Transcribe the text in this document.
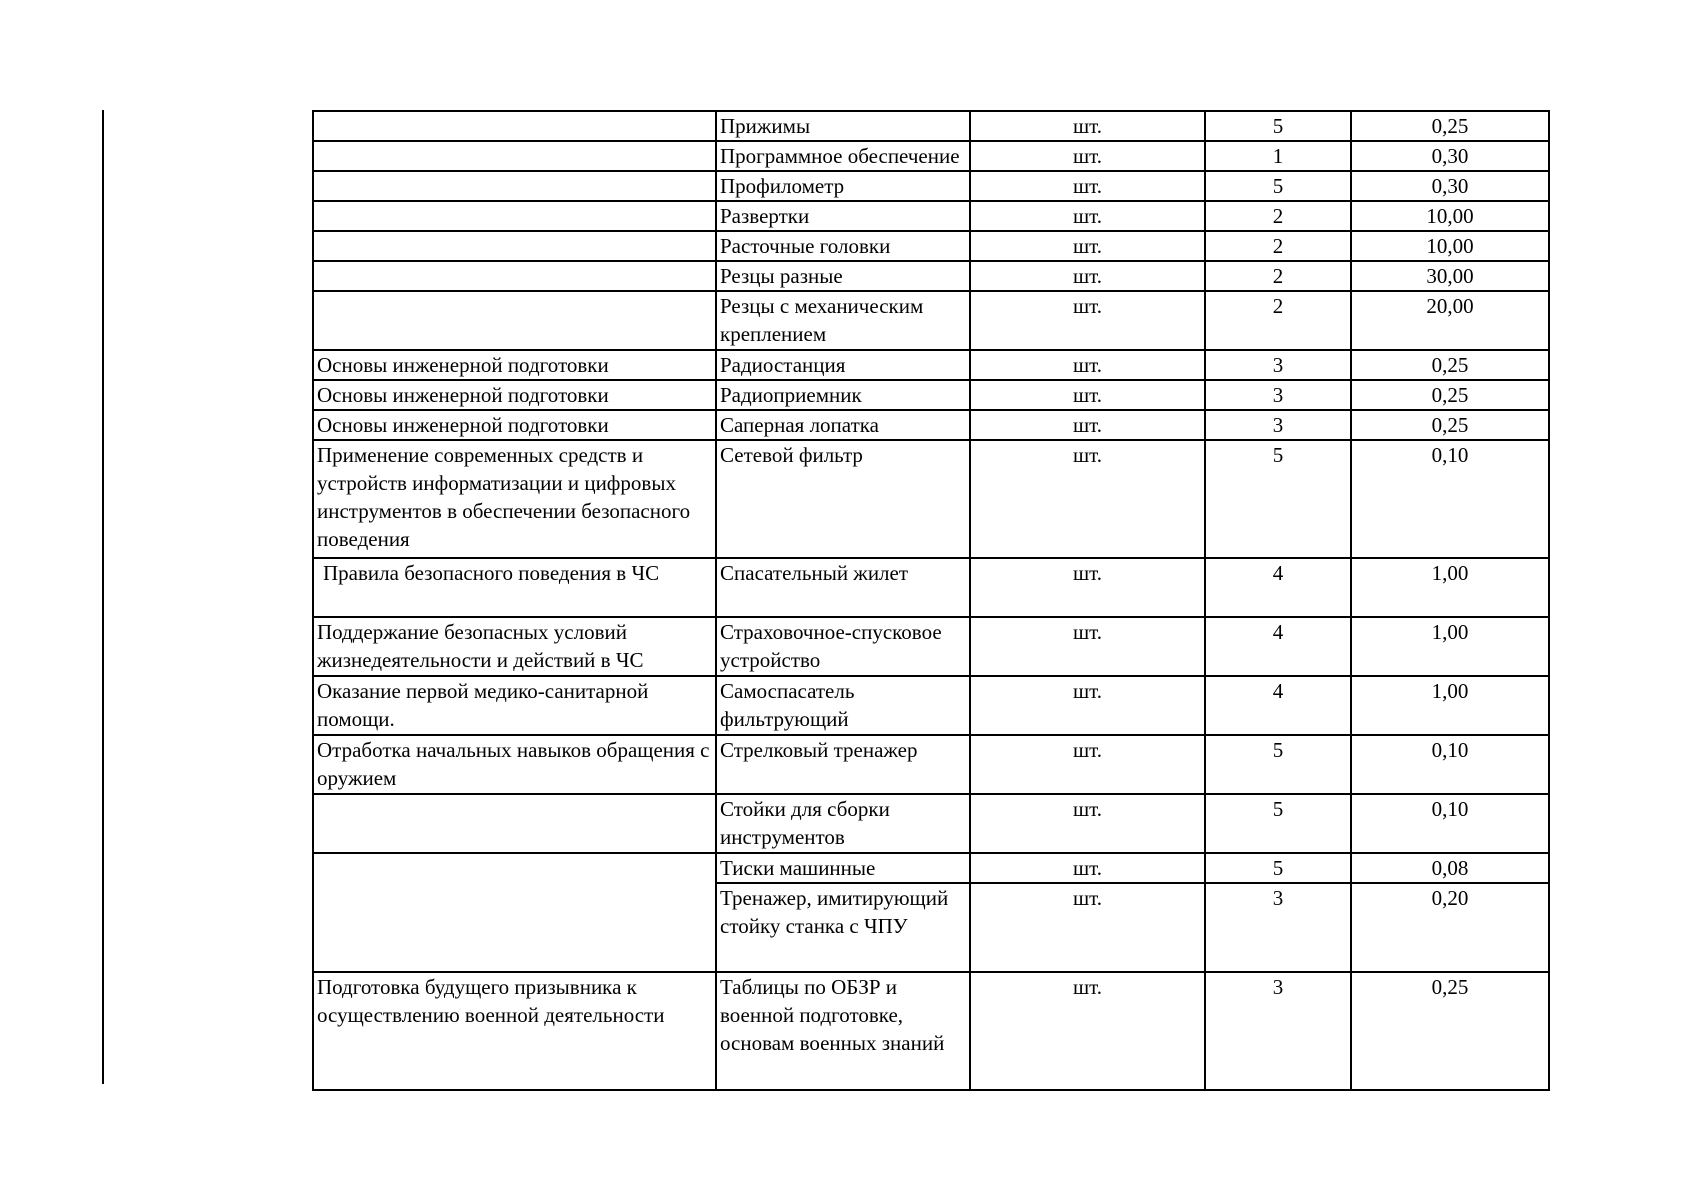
	Прижимы	шт.	5	0,25
	Программное обеспечение	шт.	1	0,30
	Профилометр	шт.	5	0,30
	Развертки	шт.	2	10,00
	Расточные головки	шт.	2	10,00
	Резцы разные	шт.	2	30,00
	Резцы с механическим креплением	шт.	2	20,00
Основы инженерной подготовки	Радиостанция	шт.	3	0,25
Основы инженерной подготовки	Радиоприемник	шт.	3	0,25
Основы инженерной подготовки	Саперная лопатка	шт.	3	0,25
Применение современных средств и устройств информатизации и цифровых инструментов в обеспечении безопасного поведения	Сетевой фильтр	шт.	5	0,10
Правила безопасного поведения в ЧС	Спасательный жилет	шт.	4	1,00
Поддержание безопасных условий жизнедеятельности и действий в ЧС	Страховочное-спусковое устройство	шт.	4	1,00
Оказание первой медико-санитарной помощи.	Самоспасатель фильтрующий	шт.	4	1,00
Отработка начальных навыков обращения с оружием	Стрелковый тренажер	шт.	5	0,10
	Стойки для сборки инструментов	шт.	5	0,10
	Тиски машинные	шт.	5	0,08
	Тренажер, имитирующий стойку станка с ЧПУ	шт.	3	0,20
Подготовка будущего призывника к осуществлению военной деятельности	Таблицы по ОБЗР и военной подготовке, основам военных знаний	шт.	3	0,25
